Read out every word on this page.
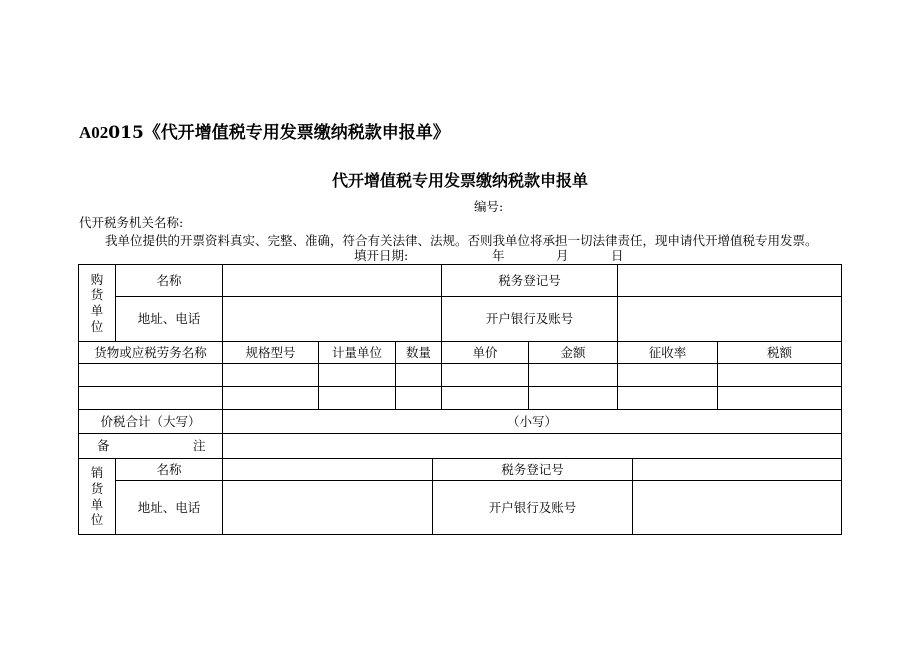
A02015《代开增值税专用发票缴纳税款申报单》
代开增值税专用发票缴纳税款申报单
编号:
代开税务机关名称:
我单位提供的开票资料真实、完整、准确，符合有关法律、法规。否则我单位将承担一切法律责任，现申请代开增值税专用发票。
填开日期:	年	月	日
购
货
单
位	名称				税务登记号			
	地址、电话				开户银行及账号			
货物或应税劳务名称		规格型号	计量单位	数量	单价	金额	征收率	税额

价税合计（大写）		（小写）						
备 注								
销
货
单
位	名称		税务登记号	
	地址、电话		开户银行及账号	
